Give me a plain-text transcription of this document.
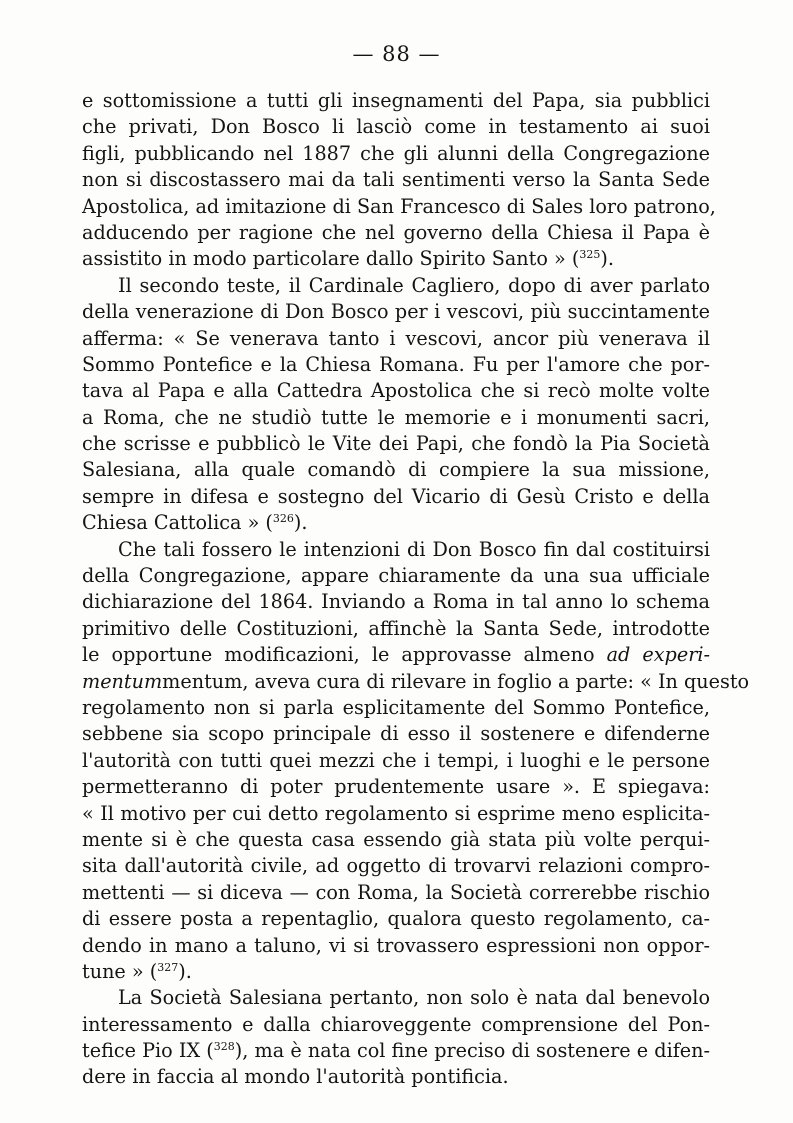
— 88 —
e sottomissione a tutti gli insegnamenti del Papa, sia pubblici
che privati, Don Bosco li lasciò come in testamento ai suoi
figli, pubblicando nel 1887 che gli alunni della Congregazione
non si discostassero mai da tali sentimenti verso la Santa Sede
Apostolica, ad imitazione di San Francesco di Sales loro patrono,
adducendo per ragione che nel governo della Chiesa il Papa è
assistito in modo particolare dallo Spirito Santo » ($^{325}$).
Il secondo teste, il Cardinale Cagliero, dopo di aver parlato
della venerazione di Don Bosco per i vescovi, più succintamente
afferma: « Se venerava tanto i vescovi, ancor più venerava il
Sommo Pontefice e la Chiesa Romana. Fu per l'amore che por-
tava al Papa e alla Cattedra Apostolica che si recò molte volte
a Roma, che ne studiò tutte le memorie e i monumenti sacri,
che scrisse e pubblicò le Vite dei Papi, che fondò la Pia Società
Salesiana, alla quale comandò di compiere la sua missione,
sempre in difesa e sostegno del Vicario di Gesù Cristo e della
Chiesa Cattolica » ($^{326}$).
Che tali fossero le intenzioni di Don Bosco fin dal costituirsi
della Congregazione, appare chiaramente da una sua ufficiale
dichiarazione del 1864. Inviando a Roma in tal anno lo schema
primitivo delle Costituzioni, affinchè la Santa Sede, introdotte
le opportune modificazioni, le approvasse almeno ad experi-
mentummentum, aveva cura di rilevare in foglio a parte: « In questo
regolamento non si parla esplicitamente del Sommo Pontefice,
sebbene sia scopo principale di esso il sostenere e difenderne
l'autorità con tutti quei mezzi che i tempi, i luoghi e le persone
permetteranno di poter prudentemente usare ». E spiegava:
« Il motivo per cui detto regolamento si esprime meno esplicita-
mente si è che questa casa essendo già stata più volte perqui-
sita dall'autorità civile, ad oggetto di trovarvi relazioni compro-
mettenti — si diceva — con Roma, la Società correrebbe rischio
di essere posta a repentaglio, qualora questo regolamento, ca-
dendo in mano a taluno, vi si trovassero espressioni non oppor-
tune » ($^{327}$).
La Società Salesiana pertanto, non solo è nata dal benevolo
interessamento e dalla chiaroveggente comprensione del Pon-
tefice Pio IX ($^{328}$), ma è nata col fine preciso di sostenere e difen-
dere in faccia al mondo l'autorità pontificia.
